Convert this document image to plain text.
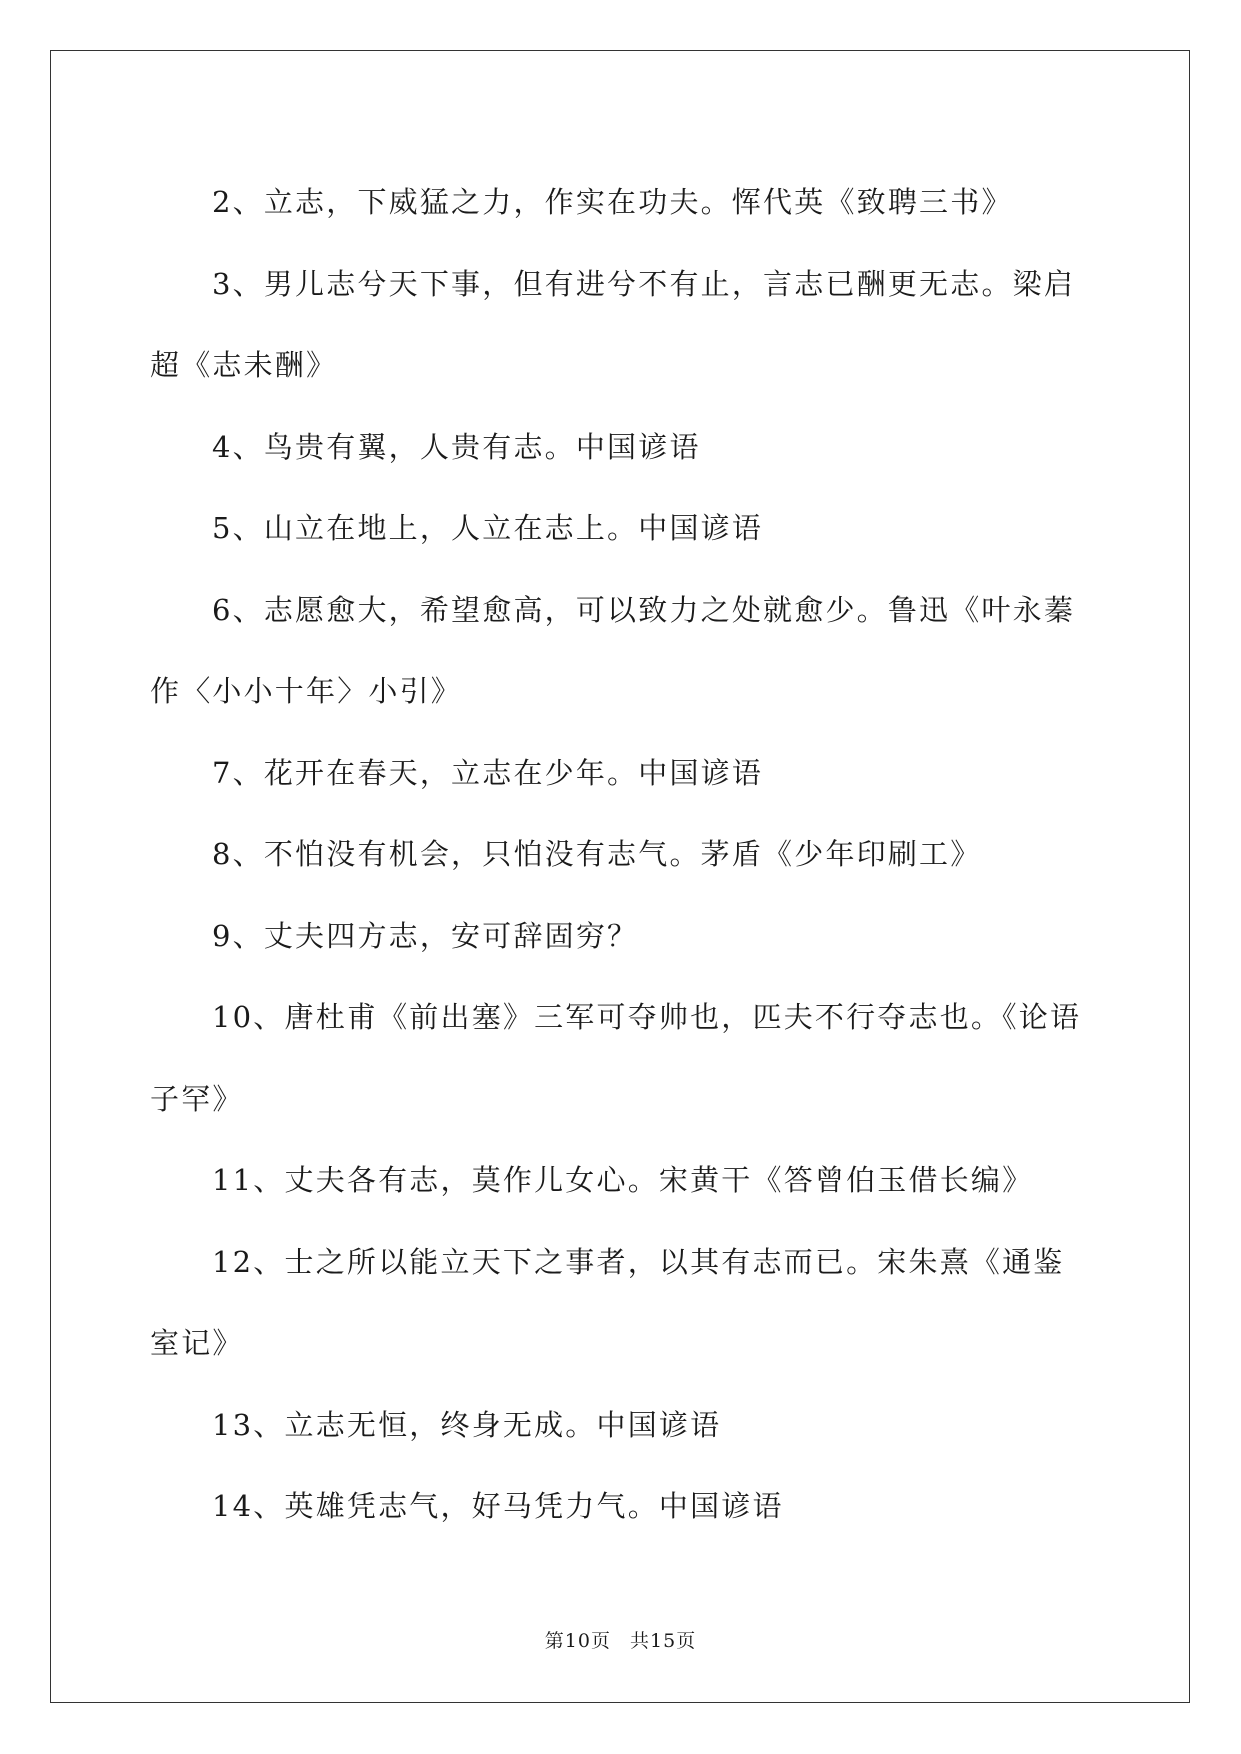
2、立志，下威猛之力，作实在功夫。恽代英《致聘三书》

3、男儿志兮天下事，但有进兮不有止，言志已酬更无志。梁启超《志未酬》

4、鸟贵有翼，人贵有志。中国谚语

5、山立在地上，人立在志上。中国谚语

6、志愿愈大，希望愈高，可以致力之处就愈少。鲁迅《叶永蓁作〈小小十年〉小引》

7、花开在春天，立志在少年。中国谚语

8、不怕没有机会，只怕没有志气。茅盾《少年印刷工》

9、丈夫四方志，安可辞固穷？

10、唐杜甫《前出塞》三军可夺帅也，匹夫不行夺志也。《论语子罕》

11、丈夫各有志，莫作儿女心。宋黄干《答曾伯玉借长编》

12、士之所以能立天下之事者，以其有志而已。宋朱熹《通鉴室记》

13、立志无恒，终身无成。中国谚语

14、英雄凭志气，好马凭力气。中国谚语

第10页 共15页
